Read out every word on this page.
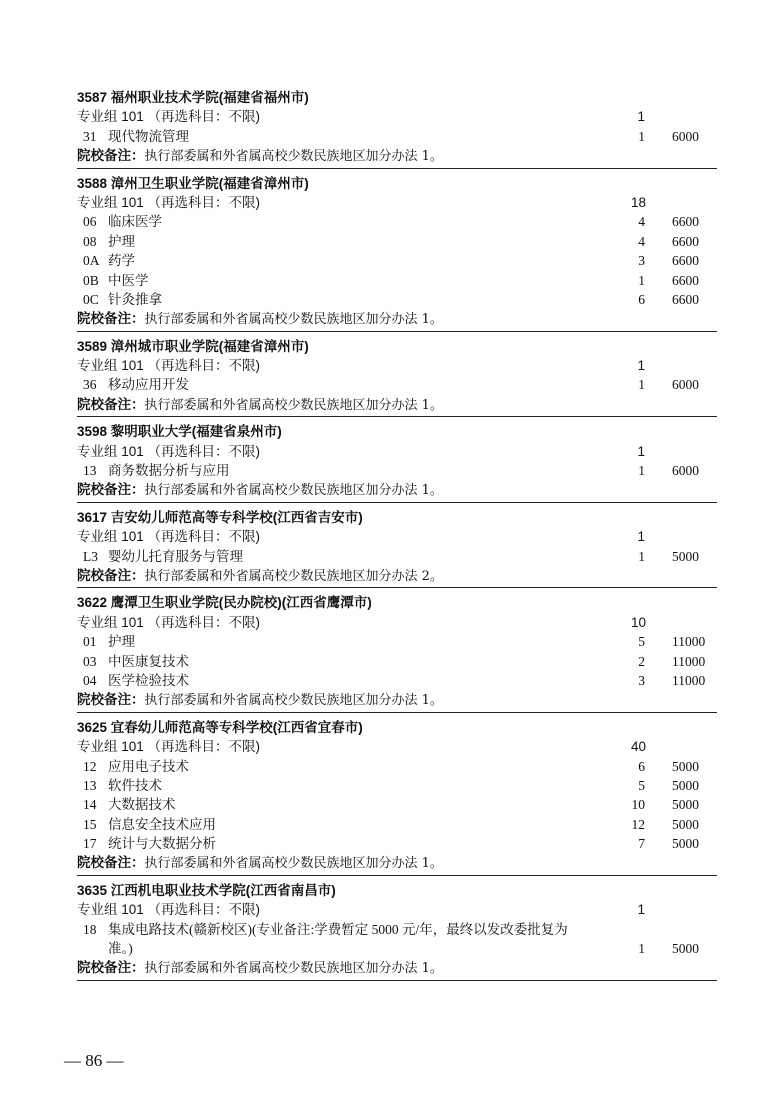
3587 福州职业技术学院(福建省福州市)
专业组 101 （再选科目：不限)	1
31 现代物流管理	1 6000
院校备注：执行部委属和外省属高校少数民族地区加分办法 1。
3588 漳州卫生职业学院(福建省漳州市)
专业组 101 （再选科目：不限)	18
06 临床医学	4 6600
08 护理	4 6600
0A 药学	3 6600
0B 中医学	1 6600
0C 针灸推拿	6 6600
院校备注：执行部委属和外省属高校少数民族地区加分办法 1。
3589 漳州城市职业学院(福建省漳州市)
专业组 101 （再选科目：不限)	1
36 移动应用开发	1 6000
院校备注：执行部委属和外省属高校少数民族地区加分办法 1。
3598 黎明职业大学(福建省泉州市)
专业组 101 （再选科目：不限)	1
13 商务数据分析与应用	1 6000
院校备注：执行部委属和外省属高校少数民族地区加分办法 1。
3617 吉安幼儿师范高等专科学校(江西省吉安市)
专业组 101 （再选科目：不限)	1
L3 婴幼儿托育服务与管理	1 5000
院校备注：执行部委属和外省属高校少数民族地区加分办法 2。
3622 鹰潭卫生职业学院(民办院校)(江西省鹰潭市)
专业组 101 （再选科目：不限)	10
01 护理	5 11000
03 中医康复技术	2 11000
04 医学检验技术	3 11000
院校备注：执行部委属和外省属高校少数民族地区加分办法 1。
3625 宜春幼儿师范高等专科学校(江西省宜春市)
专业组 101 （再选科目：不限)	40
12 应用电子技术	6 5000
13 软件技术	5 5000
14 大数据技术	10 5000
15 信息安全技术应用	12 5000
17 统计与大数据分析	7 5000
院校备注：执行部委属和外省属高校少数民族地区加分办法 1。
3635 江西机电职业技术学院(江西省南昌市)
专业组 101 （再选科目：不限)	1
18 集成电路技术(赣新校区)(专业备注:学费暂定 5000 元/年，最终以发改委批复为准。)	1 5000
院校备注：执行部委属和外省属高校少数民族地区加分办法 1。
— 86 —
